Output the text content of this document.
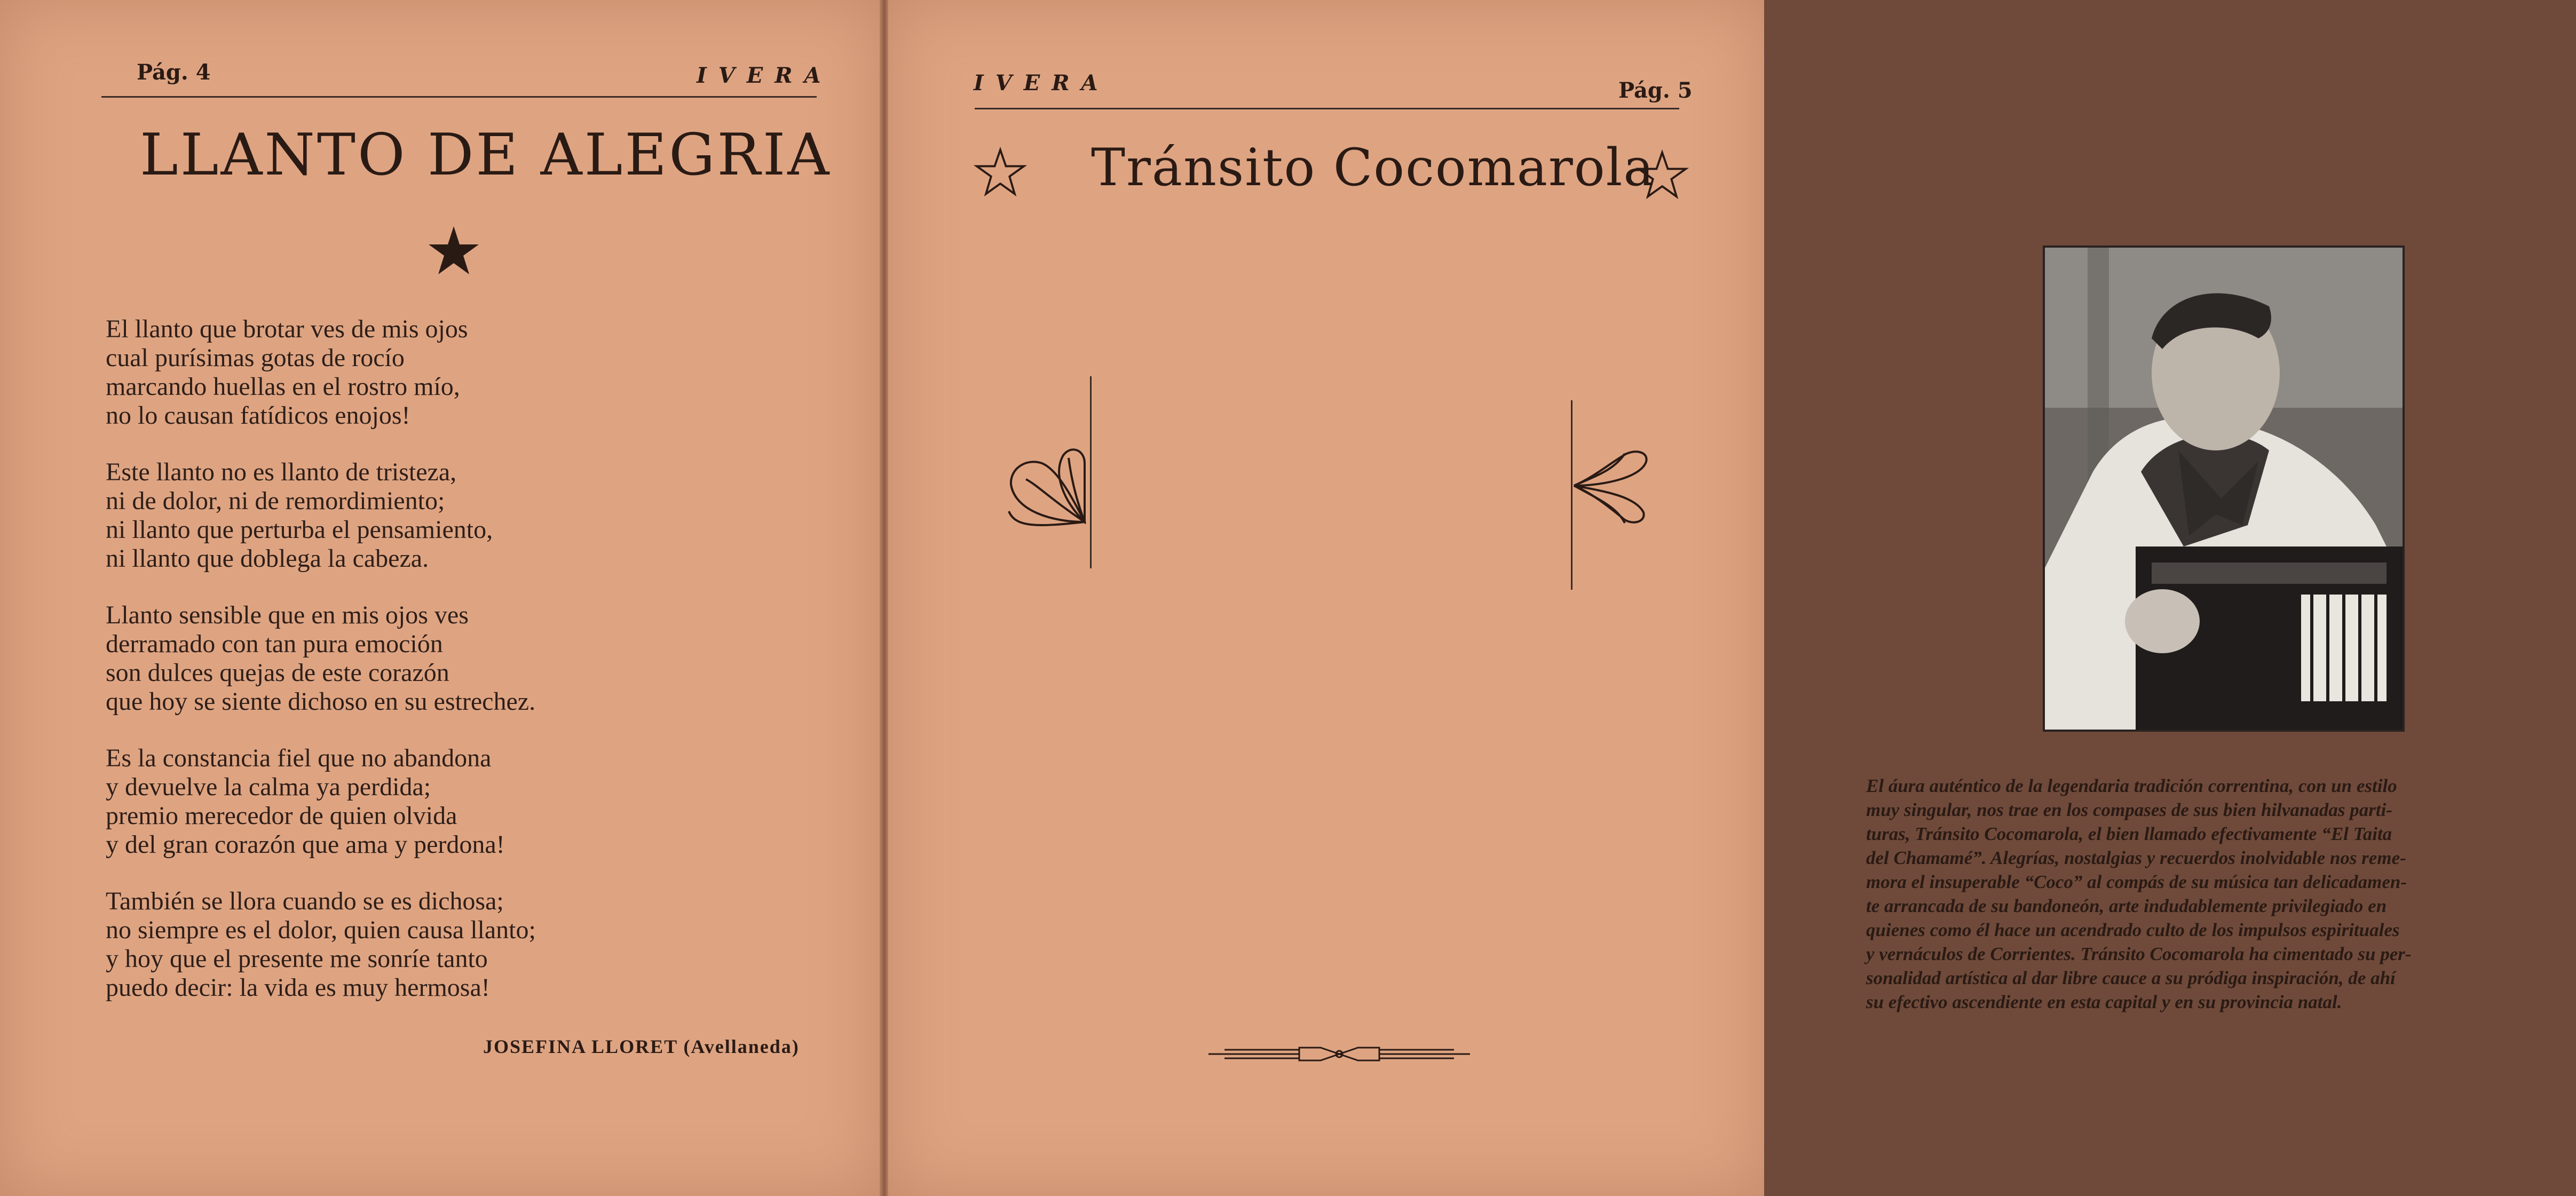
Pág. 4	IVERA
LLANTO DE ALEGRIA
El llanto que brotar ves de mis ojos
cual purísimas gotas de rocío
marcando huellas en el rostro mío,
no lo causan fatídicos enojos!
Este llanto no es llanto de tristeza,
ni de dolor, ni de remordimiento;
ni llanto que perturba el pensamiento,
ni llanto que doblega la cabeza.
Llanto sensible que en mis ojos ves
derramado con tan pura emoción
son dulces quejas de este corazón
que hoy se siente dichoso en su estrechez.
Es la constancia fiel que no abandona
y devuelve la calma ya perdida;
premio merecedor de quien olvida
y del gran corazón que ama y perdona!
También se llora cuando se es dichosa;
no siempre es el dolor, quien causa llanto;
y hoy que el presente me sonríe tanto
puedo decir: la vida es muy hermosa!
JOSEFINA LLORET (Avellaneda)
IVERA	Pág. 5
Tránsito Cocomarola
El áura auténtico de la legendaria tradición correntina, con un estilo
muy singular, nos trae en los compases de sus bien hilvanadas parti-
turas, Tránsito Cocomarola, el bien llamado efectivamente “El Taita
del Chamamé”. Alegrías, nostalgias y recuerdos inolvidable nos reme-
mora el insuperable “Coco” al compás de su música tan delicadamen-
te arrancada de su bandoneón, arte indudablemente privilegiado en
quienes como él hace un acendrado culto de los impulsos espirituales
y vernáculos de Corrientes. Tránsito Cocomarola ha cimentado su per-
sonalidad artística al dar libre cauce a su pródiga inspiración, de ahí
su efectivo ascendiente en esta capital y en su provincia natal.
